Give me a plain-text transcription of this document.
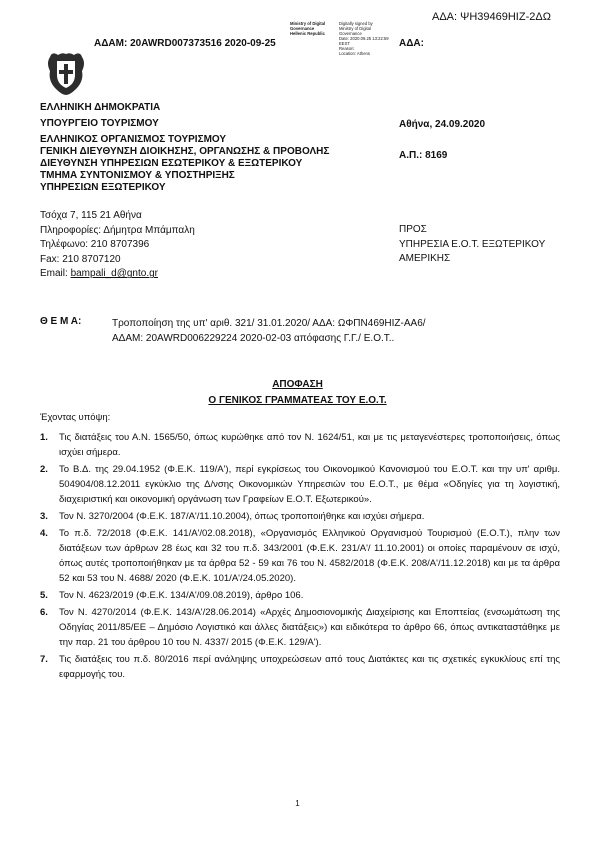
ΑΔΑ: ΨΗ39469ΗΙΖ-2ΔΩ
ΑΔΑΜ: 20AWRD007373516 2020-09-25	ΑΔΑ:
Ministry of Digital
Governance
Hellenic Republic
Digitally signed by
Ministry of Digital
Governance
Date: 2020.09.25 13:22:59
EEST
Reason:
Location: Athens
ΕΛΛΗΝΙΚΗ ΔΗΜΟΚΡΑΤΙΑ
ΥΠΟΥΡΓΕΙΟ ΤΟΥΡΙΣΜΟΥ
ΕΛΛΗΝΙΚΟΣ ΟΡΓΑΝΙΣΜΟΣ ΤΟΥΡΙΣΜΟΥ
ΓΕΝΙΚΗ ΔΙΕΥΘΥΝΣΗ ΔΙΟΙΚΗΣΗΣ, ΟΡΓΑΝΩΣΗΣ & ΠΡΟΒΟΛΗΣ
ΔΙΕΥΘΥΝΣΗ ΥΠΗΡΕΣΙΩΝ ΕΣΩΤΕΡΙΚΟΥ & ΕΞΩΤΕΡΙΚΟΥ
ΤΜΗΜΑ ΣΥΝΤΟΝΙΣΜΟΥ & ΥΠΟΣΤΗΡΙΞΗΣ
ΥΠΗΡΕΣΙΩΝ ΕΞΩΤΕΡΙΚΟΥ
Αθήνα, 24.09.2020
Α.Π.: 8169
Τσόχα 7, 115 21 Αθήνα
Πληροφορίες: Δήμητρα Μπάμπαλη
Τηλέφωνο: 210 8707396
Fax: 210 8707120
Email: bampali_d@gnto.gr
ΠΡΟΣ
ΥΠΗΡΕΣΙΑ Ε.Ο.Τ. ΕΞΩΤΕΡΙΚΟΥ
ΑΜΕΡΙΚΗΣ
Θ Ε Μ Α:	Τροποποίηση της υπ' αριθ. 321/ 31.01.2020/ ΑΔΑ: ΩΦΠΝ469ΗΙΖ-ΑΑ6/
ΑΔΑΜ: 20AWRD006229224 2020-02-03 απόφασης Γ.Γ./ Ε.Ο.Τ..
ΑΠΟΦΑΣΗ
Ο ΓΕΝΙΚΟΣ ΓΡΑΜΜΑΤΕΑΣ ΤΟΥ Ε.Ο.Τ.
Έχοντας υπόψη:
1.	Τις διατάξεις του Α.Ν. 1565/50, όπως κυρώθηκε από τον Ν. 1624/51, και με τις μεταγενέστερες τροποποιήσεις, όπως ισχύει σήμερα.
2.	Το Β.Δ. της 29.04.1952 (Φ.Ε.Κ. 119/Α'), περί εγκρίσεως του Οικονομικού Κανονισμού του Ε.Ο.Τ. και την υπ' αριθμ. 504904/08.12.2011 εγκύκλιο της Δ/νσης Οικονομικών Υπηρεσιών του Ε.Ο.Τ., με θέμα «Οδηγίες για τη λογιστική, διαχειριστική και οικονομική οργάνωση των Γραφείων Ε.Ο.Τ. Εξωτερικού».
3.	Τον Ν. 3270/2004 (Φ.Ε.Κ. 187/Α'/11.10.2004), όπως τροποποιήθηκε και ισχύει σήμερα.
4.	Το π.δ. 72/2018 (Φ.Ε.Κ. 141/Α'/02.08.2018), «Οργανισμός Ελληνικού Οργανισμού Τουρισμού (Ε.Ο.Τ.), πλην των διατάξεων των άρθρων 28 έως και 32 του π.δ. 343/2001 (Φ.Ε.Κ. 231/Α'/ 11.10.2001) οι οποίες παραμένουν σε ισχύ, όπως αυτές τροποποιήθηκαν με τα άρθρα 52 - 59 και 76 του Ν. 4582/2018 (Φ.Ε.Κ. 208/Α'/11.12.2018) και με τα άρθρα 52 και 53 του Ν. 4688/ 2020 (Φ.Ε.Κ. 101/Α'/24.05.2020).
5.	Τον Ν. 4623/2019 (Φ.Ε.Κ. 134/Α'/09.08.2019), άρθρο 106.
6.	Τον Ν. 4270/2014 (Φ.Ε.Κ. 143/Α'/28.06.2014) «Αρχές Δημοσιονομικής Διαχείρισης και Εποπτείας (ενσωμάτωση της Οδηγίας 2011/85/ΕΕ – Δημόσιο Λογιστικό και άλλες διατάξεις») και ειδικότερα το άρθρο 66, όπως αντικαταστάθηκε με την παρ. 21 του άρθρου 10 του Ν. 4337/ 2015 (Φ.Ε.Κ. 129/Α').
7.	Τις διατάξεις του π.δ. 80/2016 περί ανάληψης υποχρεώσεων από τους Διατάκτες και τις σχετικές εγκυκλίους επί της εφαρμογής του.
1
